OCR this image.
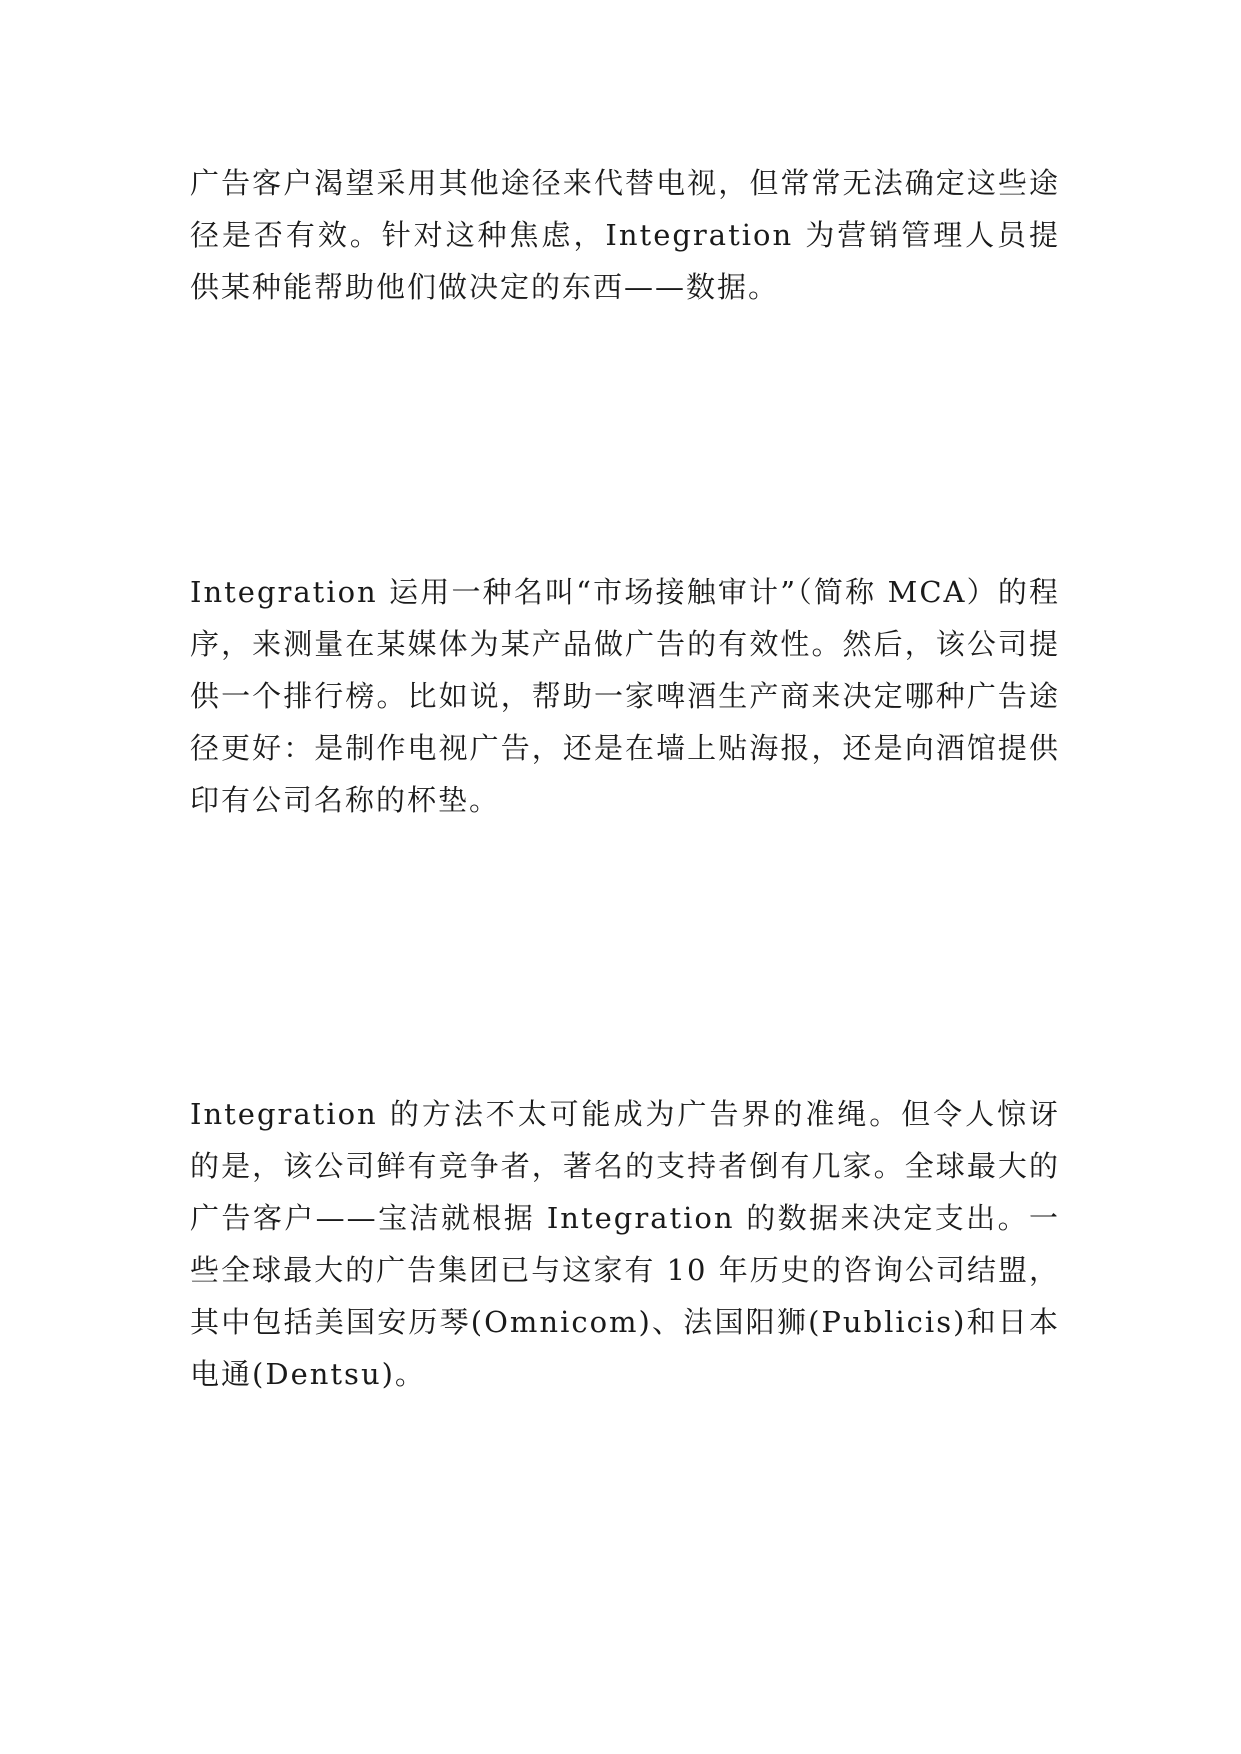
广告客户渴望采用其他途径来代替电视，但常常无法确定这些途径是否有效。针对这种焦虑，Integration 为营销管理人员提供某种能帮助他们做决定的东西——数据。

Integration 运用一种名叫“市场接触审计”（简称 MCA）的程序，来测量在某媒体为某产品做广告的有效性。然后，该公司提供一个排行榜。比如说，帮助一家啤酒生产商来决定哪种广告途径更好：是制作电视广告，还是在墙上贴海报，还是向酒馆提供印有公司名称的杯垫。

Integration 的方法不太可能成为广告界的准绳。但令人惊讶的是，该公司鲜有竞争者，著名的支持者倒有几家。全球最大的广告客户——宝洁就根据 Integration 的数据来决定支出。一些全球最大的广告集团已与这家有 10 年历史的咨询公司结盟，其中包括美国安历琴(Omnicom)、法国阳狮(Publicis)和日本电通(Dentsu)。
